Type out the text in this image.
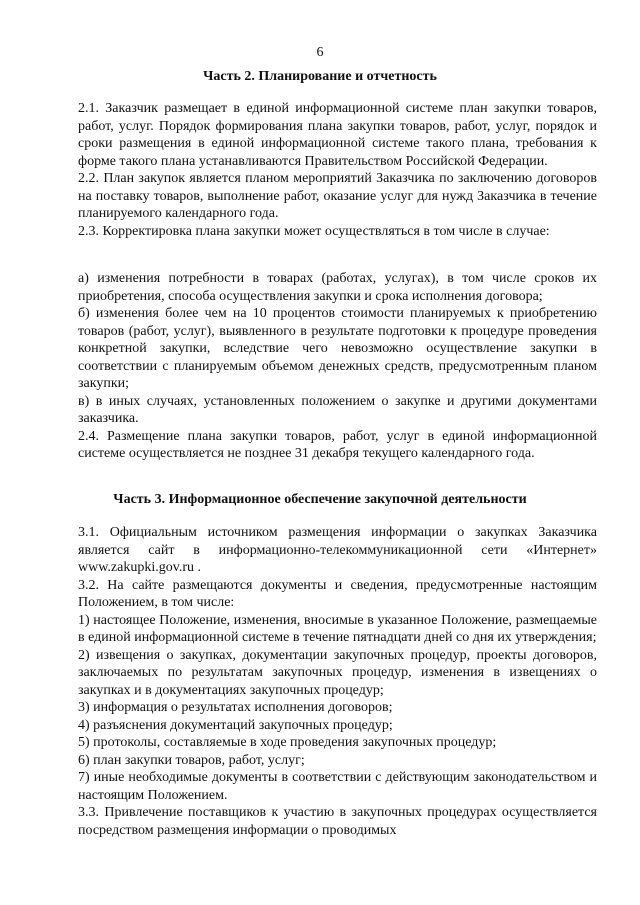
6
Часть 2. Планирование и отчетность

2.1. Заказчик размещает в единой информационной системе план закупки товаров, работ, услуг. Порядок формирования плана закупки товаров, работ, услуг, порядок и сроки размещения в единой информационной системе такого плана, требования к форме такого плана устанавливаются Правительством Российской Федерации.

2.2. План закупок является планом мероприятий Заказчика по заключению договоров на поставку товаров, выполнение работ, оказание услуг для нужд Заказчика в течение планируемого календарного года.

2.3. Корректировка плана закупки может осуществляться в том числе в случае:

а) изменения потребности в товарах (работах, услугах), в том числе сроков их приобретения, способа осуществления закупки и срока исполнения договора;

б) изменения более чем на 10 процентов стоимости планируемых к приобретению товаров (работ, услуг), выявленного в результате подготовки к процедуре проведения конкретной закупки, вследствие чего невозможно осуществление закупки в соответствии с планируемым объемом денежных средств, предусмотренным планом закупки;

в) в иных случаях, установленных положением о закупке и другими документами заказчика.

2.4. Размещение плана закупки товаров, работ, услуг в единой информационной системе осуществляется не позднее 31 декабря текущего календарного года.

Часть 3. Информационное обеспечение закупочной деятельности

3.1. Официальным источником размещения информации о закупках Заказчика является сайт в информационно-телекоммуникационной сети «Интернет» www.zakupki.gov.ru .

3.2. На сайте размещаются документы и сведения, предусмотренные настоящим Положением, в том числе:

1) настоящее Положение, изменения, вносимые в указанное Положение, размещаемые в единой информационной системе в течение пятнадцати дней со дня их утверждения;

2) извещения о закупках, документации закупочных процедур, проекты договоров, заключаемых по результатам закупочных процедур, изменения в извещениях о закупках и в документациях закупочных процедур;

3) информация о результатах исполнения договоров;

4) разъяснения документаций закупочных процедур;

5) протоколы, составляемые в ходе проведения закупочных процедур;

6) план закупки товаров, работ, услуг;

7) иные необходимые документы в соответствии с действующим законодательством и настоящим Положением.

3.3. Привлечение поставщиков к участию в закупочных процедурах осуществляется посредством размещения информации о проводимых
